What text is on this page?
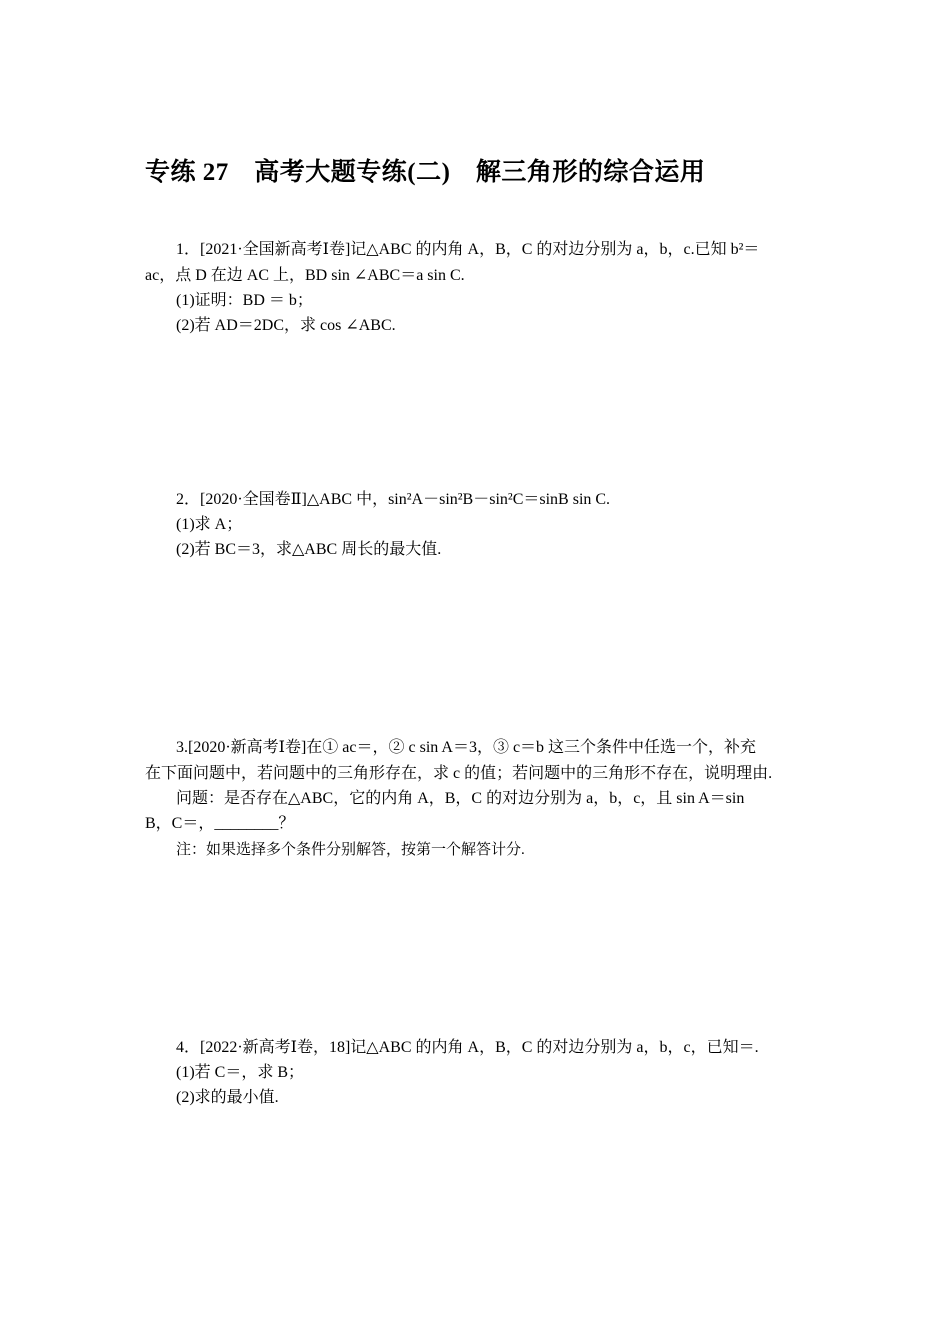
专练 27　高考大题专练(二)　解三角形的综合运用
1．[2021·全国新高考Ⅰ卷]记△ABC 的内角 A，B，C 的对边分别为 a，b，c.已知 b²＝
ac，点 D 在边 AC 上，BD sin ∠ABC＝a sin C.
(1)证明：BD ＝ b；
(2)若 AD＝2DC，求 cos ∠ABC.
2．[2020·全国卷Ⅱ]△ABC 中，sin²A－sin²B－sin²C＝sinB sin C.
(1)求 A；
(2)若 BC＝3，求△ABC 周长的最大值.
3.[2020·新高考Ⅰ卷]在① ac＝，② c sin A＝3，③ c＝b 这三个条件中任选一个，补充
在下面问题中，若问题中的三角形存在，求 c 的值；若问题中的三角形不存在，说明理由.
问题：是否存在△ABC，它的内角 A，B，C 的对边分别为 a，b，c，且 sin A＝sin
B，C＝，________？
注：如果选择多个条件分别解答，按第一个解答计分.
4．[2022·新高考Ⅰ卷，18]记△ABC 的内角 A，B，C 的对边分别为 a，b，c，已知＝.
(1)若 C＝，求 B；
(2)求的最小值.
